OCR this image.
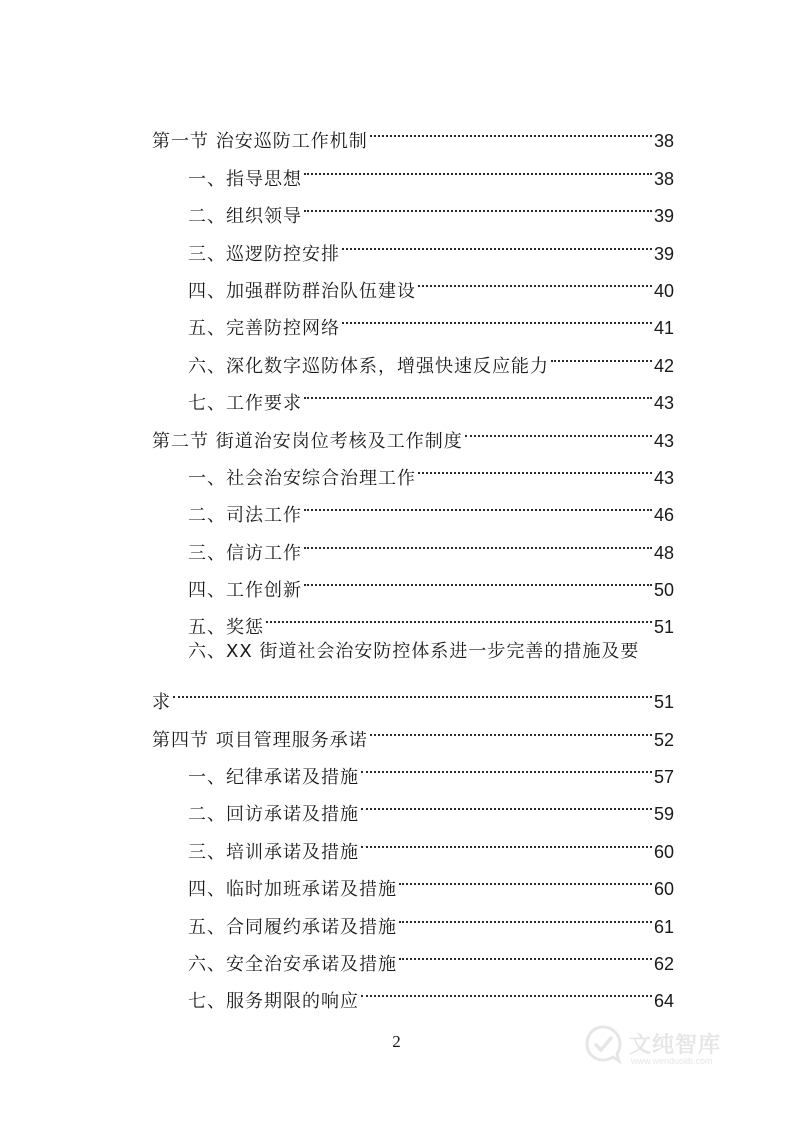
第一节 治安巡防工作机制	38
一、指导思想	38
二、组织领导	39
三、巡逻防控安排	39
四、加强群防群治队伍建设	40
五、完善防控网络	41
六、深化数字巡防体系，增强快速反应能力	42
七、工作要求	43
第二节 街道治安岗位考核及工作制度	43
一、社会治安综合治理工作	43
二、司法工作	46
三、信访工作	48
四、工作创新	50
五、奖惩	51
六、XX 街道社会治安防控体系进一步完善的措施及要
求	51
第四节 项目管理服务承诺	52
一、纪律承诺及措施	57
二、回访承诺及措施	59
三、培训承诺及措施	60
四、临时加班承诺及措施	60
五、合同履约承诺及措施	61
六、安全治安承诺及措施	62
七、服务期限的响应	64
2	文纯智库
www.wenduolib.com
